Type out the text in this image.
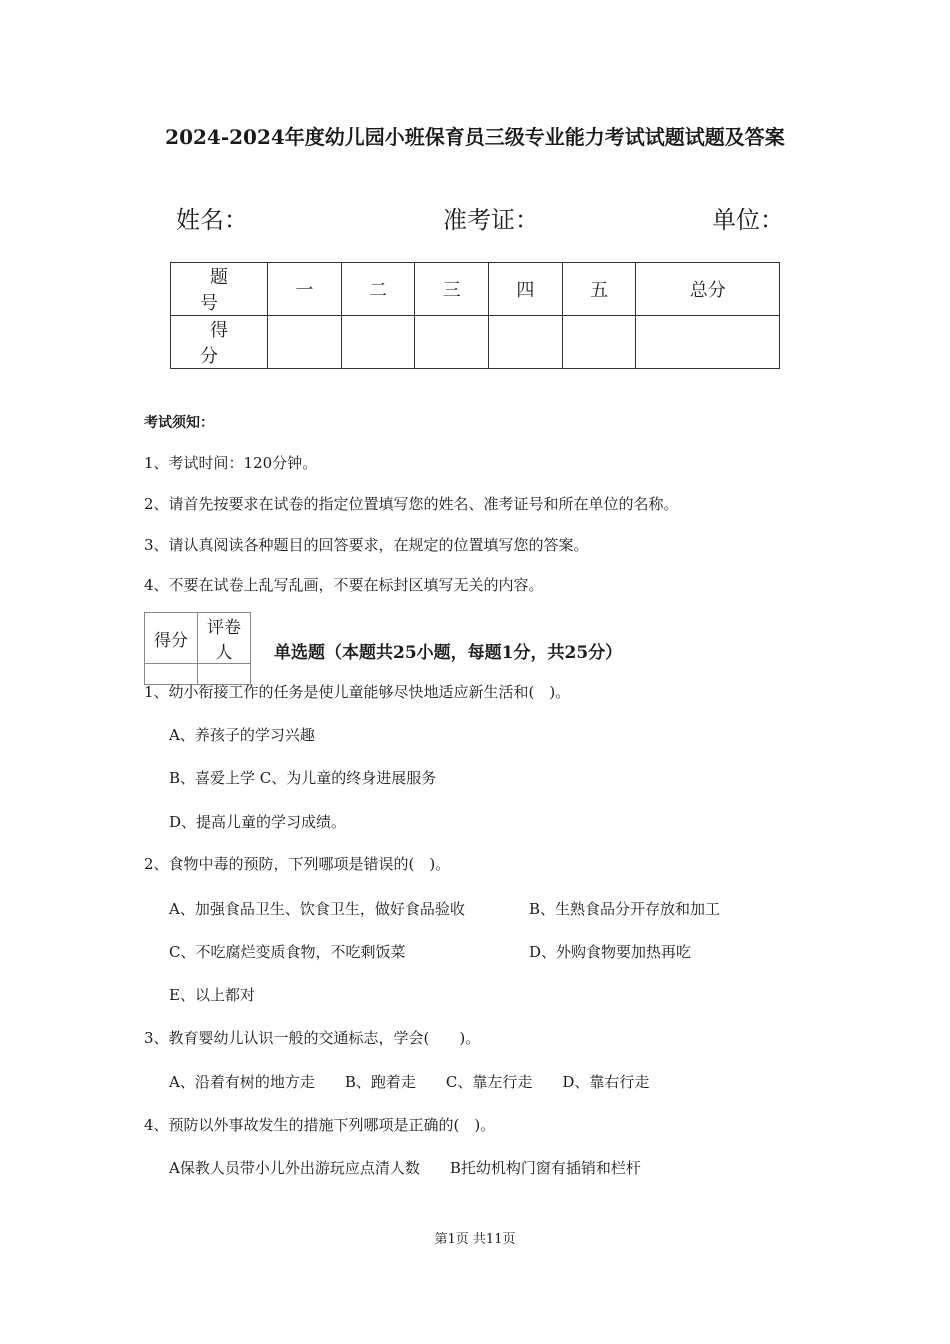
2024-2024年度幼儿园小班保育员三级专业能力考试试题试题及答案
姓名：	准考证：	单位：
题　号	一	二	三	四	五	总分
得　分						
考试须知：
1、考试时间：120分钟。
2、请首先按要求在试卷的指定位置填写您的姓名、准考证号和所在单位的名称。
3、请认真阅读各种题目的回答要求，在规定的位置填写您的答案。
4、不要在试卷上乱写乱画，不要在标封区填写无关的内容。
得分	评卷人
	单选题（本题共25小题，每题1分，共25分）
1、幼小衔接工作的任务是使儿童能够尽快地适应新生活和(　)。
A、养孩子的学习兴趣
B、喜爱上学 C、为儿童的终身进展服务
D、提高儿童的学习成绩。
2、食物中毒的预防，下列哪项是错误的(　)。
A、加强食品卫生、饮食卫生，做好食品验收	B、生熟食品分开存放和加工
C、不吃腐烂变质食物，不吃剩饭菜	D、外购食物要加热再吃
E、以上都对
3、教育婴幼儿认识一般的交通标志，学会(　　)。
A、沿着有树的地方走　　B、跑着走　　C、靠左行走　　D、靠右行走
4、预防以外事故发生的措施下列哪项是正确的(　)。
A保教人员带小儿外出游玩应点清人数　　B托幼机构门窗有插销和栏杆
第1页 共11页
